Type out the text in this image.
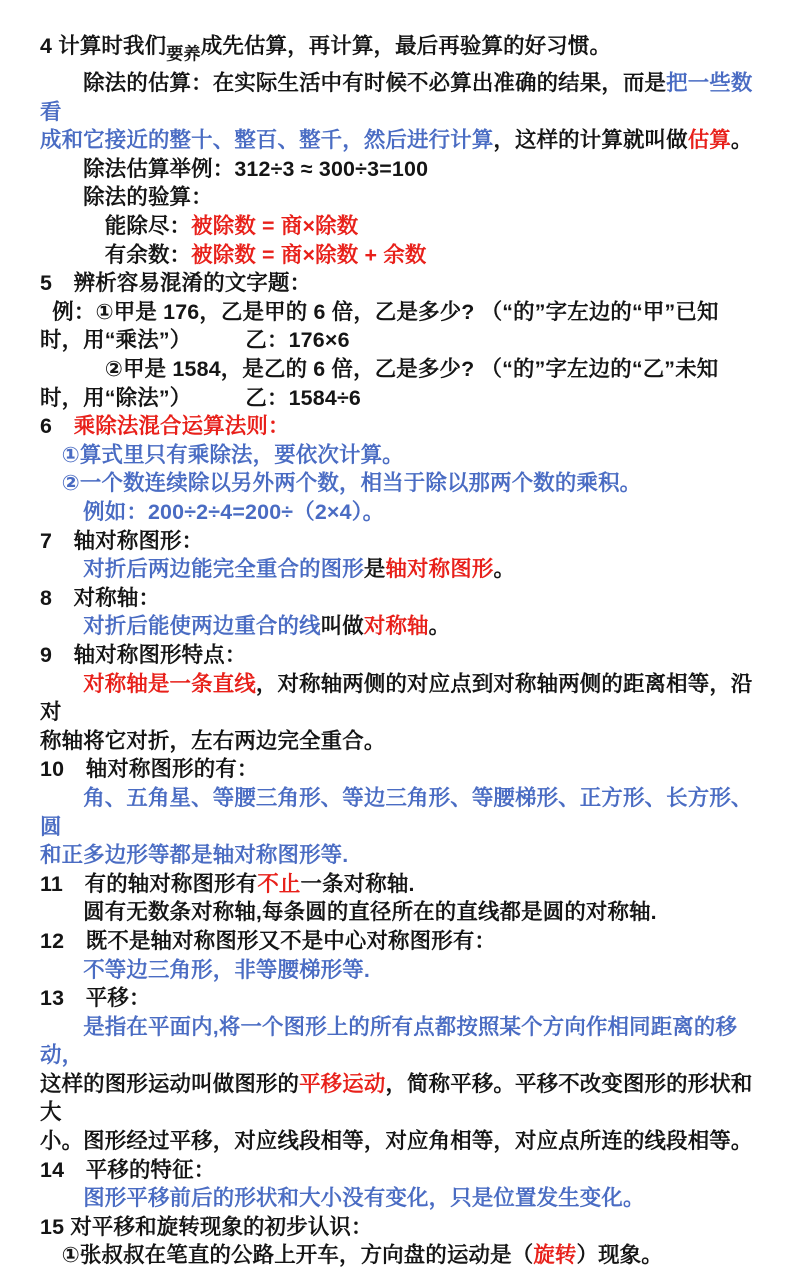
4 计算时我们$_{要养}$成先估算，再计算，最后再验算的好习惯。
　　除法的估算：在实际生活中有时候不必算出准确的结果，而是把一些数看
成和它接近的整十、整百、整千，然后进行计算，这样的计算就叫做估算。
　　除法估算举例：312÷3 ≈ 300÷3=100
　　除法的验算：
　　　能除尽：被除数 = 商×除数
　　　有余数：被除数 = 商×除数 + 余数
5　辨析容易混淆的文字题：
例：①甲是 176，乙是甲的 6 倍，乙是多少? （“的”字左边的“甲”已知
时，用“乘法”）　　　乙：176×6
　　　②甲是 1584，是乙的 6 倍，乙是多少? （“的”字左边的“乙”未知
时，用“除法”）　　　乙：1584÷6
6　乘除法混合运算法则：
　①算式里只有乘除法，要依次计算。
　②一个数连续除以另外两个数，相当于除以那两个数的乘积。
　　例如：200÷2÷4=200÷（2×4）。
7　轴对称图形：
　　对折后两边能完全重合的图形是轴对称图形。
8　对称轴：
　　对折后能使两边重合的线叫做对称轴。
9　轴对称图形特点：
　　对称轴是一条直线，对称轴两侧的对应点到对称轴两侧的距离相等，沿对
称轴将它对折，左右两边完全重合。
10　轴对称图形的有：
　　角、五角星、等腰三角形、等边三角形、等腰梯形、正方形、长方形、圆
和正多边形等都是轴对称图形等.
11　有的轴对称图形有不止一条对称轴.
　　圆有无数条对称轴,每条圆的直径所在的直线都是圆的对称轴.
12　既不是轴对称图形又不是中心对称图形有：
　　不等边三角形，非等腰梯形等.
13　平移：
　　是指在平面内,将一个图形上的所有点都按照某个方向作相同距离的移动，
这样的图形运动叫做图形的平移运动，简称平移。平移不改变图形的形状和大
小。图形经过平移，对应线段相等，对应角相等，对应点所连的线段相等。
14　平移的特征：
　　图形平移前后的形状和大小没有变化，只是位置发生变化。
15 对平移和旋转现象的初步认识：
　①张叔叔在笔直的公路上开车，方向盘的运动是（旋转）现象。
